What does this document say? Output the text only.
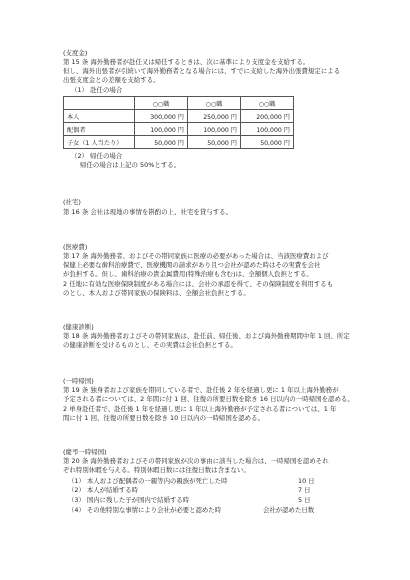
(支度金)
第 15 条 海外勤務者が赴任又は帰任するときは、次に基準により支度金を支給する。
但し、海外出張者が引続いて海外勤務者となる場合には、すでに支給した海外出張費規定による
出張支度金との差額を支給する。
（1） 赴任の場合
	○○職	○○職	○○職
本人	300,000 円	250,000 円	200,000 円
配偶者	100,000 円	100,000 円	100,000 円
子女（1 人当たり）	50,000 円	50,000 円	50,000 円
（2） 帰任の場合
帰任の場合は上記の 50%とする。
(社宅)
第 16 条 会社は現地の事情を斟酌の上、社宅を貸与する。
(医療費)
第 17 条 海外勤務者、およびその帯同家族に医療の必要があった場合は、当該医療費および
保健上必要な歯科治療費で、医療機関の請求があり且つ会社が認めた時はその実費を会社
が負担する。但し、歯科治療の貴金属費用(特殊治療も含む)は、全額個人負担とする。
2 任地に有効な医療保険制度がある場合には、会社の承認を得て、その保険制度を利用するも
のとし、本人および帯同家族の保険料は、全額会社負担とする。
(健康診断)
第 18 条 海外勤務者およびその帯同家族は、赴任前、帰任後、および海外勤務期間中年 1 回、所定
の健康診断を受けるものとし、その実費は会社負担とする。
(一時帰国)
第 19 条 独身者および家族を帯同している者で、赴任後 2 年を経過し更に 1 年以上海外勤務が
予定される者については、2 年間に付 1 回、往復の所要日数を除き 16 日以内の一時帰国を認める。
2 単身赴任者で、赴任後 1 年を経過し更に 1 年以上海外勤務が予定される者については、1 年
間に付 1 回、往復の所要日数を除き 10 日以内の一時帰国を認める。
(慶弔一時帰国)
第 20 条 海外勤務者およびその帯同家族が次の事由に該当した場合は、一時帰国を認めそれ
ぞれ特別休暇を与える。特別休暇日数には往復日数は含まない。
（1） 本人および配偶者の一親等内の親族が死亡した時	10 日
（2） 本人が結婚する時	7 日
（3） 国内に残した子が国内で結婚する時	5 日
（4） その他特別な事情により会社が必要と認めた時	会社が認めた日数
